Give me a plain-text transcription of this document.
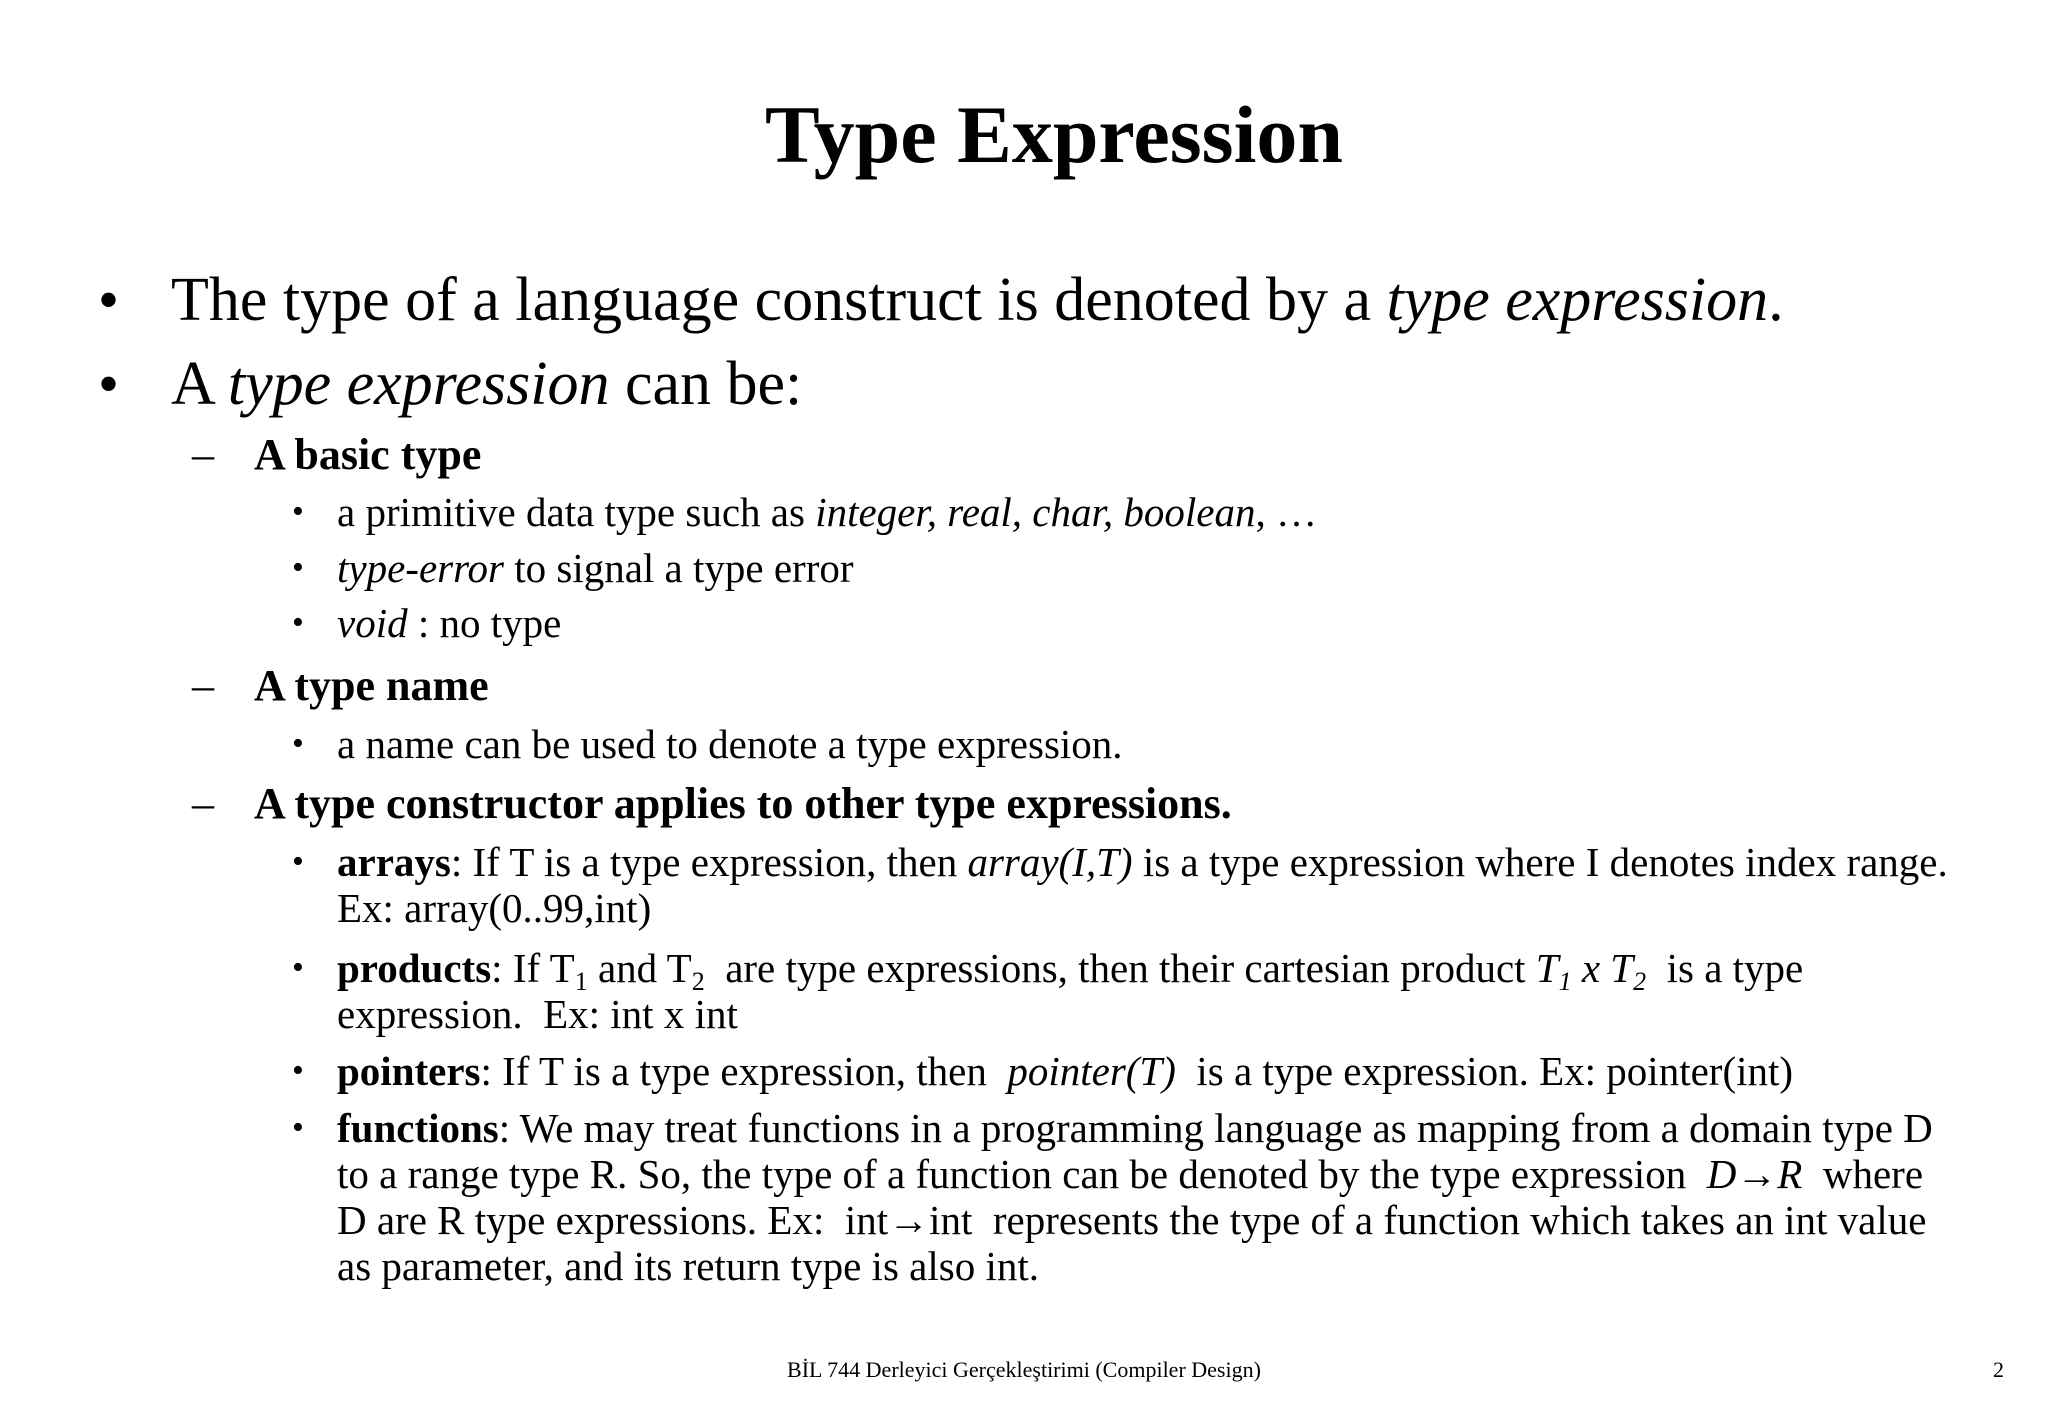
Type Expression
• The type of a language construct is denoted by a type expression.
• A type expression can be:
– A basic type
• a primitive data type such as integer, real, char, boolean, …
• type-error to signal a type error
• void : no type
– A type name
• a name can be used to denote a type expression.
– A type constructor applies to other type expressions.
• arrays: If T is a type expression, then array(I,T) is a type expression where I denotes index range.
Ex: array(0..99,int)
• products: If $T_1$ and $T_2$  are type expressions, then their cartesian product $T_1$ x $T_2$  is a type
expression.  Ex: int x int
• pointers: If T is a type expression, then  pointer(T)  is a type expression. Ex: pointer(int)
• functions: We may treat functions in a programming language as mapping from a domain type D
to a range type R. So, the type of a function can be denoted by the type expression  D→R  where
D are R type expressions. Ex:  int→int  represents the type of a function which takes an int value
as parameter, and its return type is also int.
BİL 744 Derleyici Gerçekleştirimi (Compiler Design)	2
